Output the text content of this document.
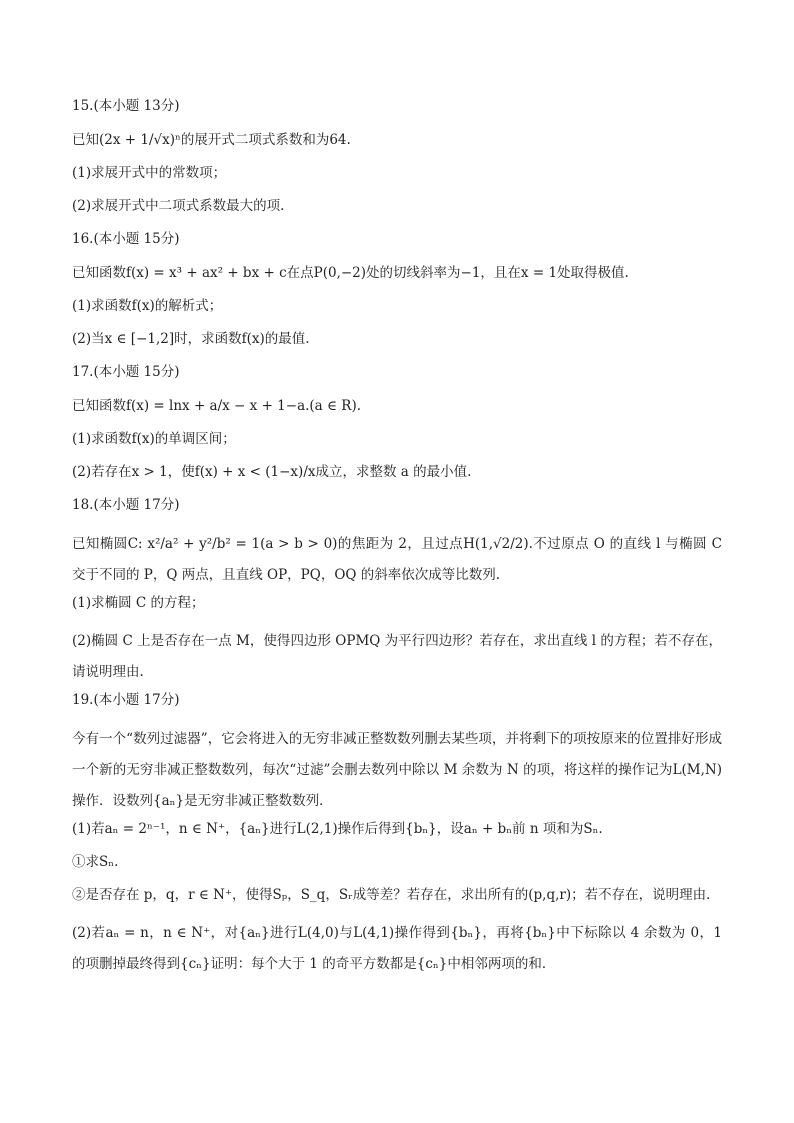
15.(本小题 13分)
已知(2x + 1/√x)ⁿ的展开式二项式系数和为64.
(1)求展开式中的常数项；
(2)求展开式中二项式系数最大的项.
16.(本小题 15分)
已知函数f(x) = x³ + ax² + bx + c在点P(0,−2)处的切线斜率为−1，且在x = 1处取得极值.
(1)求函数f(x)的解析式；
(2)当x ∈ [−1,2]时，求函数f(x)的最值.
17.(本小题 15分)
已知函数f(x) = lnx + a/x − x + 1−a.(a ∈ R).
(1)求函数f(x)的单调区间；
(2)若存在x > 1，使f(x) + x < (1−x)/x成立，求整数 a 的最小值.
18.(本小题 17分)
已知椭圆C: x²/a² + y²/b² = 1(a > b > 0)的焦距为 2，且过点H(1,√2/2).不过原点 O 的直线 l 与椭圆 C 交于不同的 P，Q 两点，且直线 OP，PQ，OQ 的斜率依次成等比数列.
(1)求椭圆 C 的方程；
(2)椭圆 C 上是否存在一点 M，使得四边形 OPMQ 为平行四边形？若存在，求出直线 l 的方程；若不存在，请说明理由.
19.(本小题 17分)
今有一个“数列过滤器”，它会将进入的无穷非减正整数数列删去某些项，并将剩下的项按原来的位置排好形成一个新的无穷非减正整数数列，每次“过滤”会删去数列中除以 M 余数为 N 的项，将这样的操作记为L(M,N)操作．设数列{aₙ}是无穷非减正整数数列．
(1)若aₙ = 2ⁿ⁻¹，n ∈ N⁺，{aₙ}进行L(2,1)操作后得到{bₙ}，设aₙ + bₙ前 n 项和为Sₙ.
①求Sₙ.
②是否存在 p，q，r ∈ N⁺，使得Sₚ，S_q，Sᵣ成等差？若存在，求出所有的(p,q,r)；若不存在，说明理由．
(2)若aₙ = n，n ∈ N⁺，对{aₙ}进行L(4,0)与L(4,1)操作得到{bₙ}，再将{bₙ}中下标除以 4 余数为 0，1 的项删掉最终得到{cₙ}证明：每个大于 1 的奇平方数都是{cₙ}中相邻两项的和．
